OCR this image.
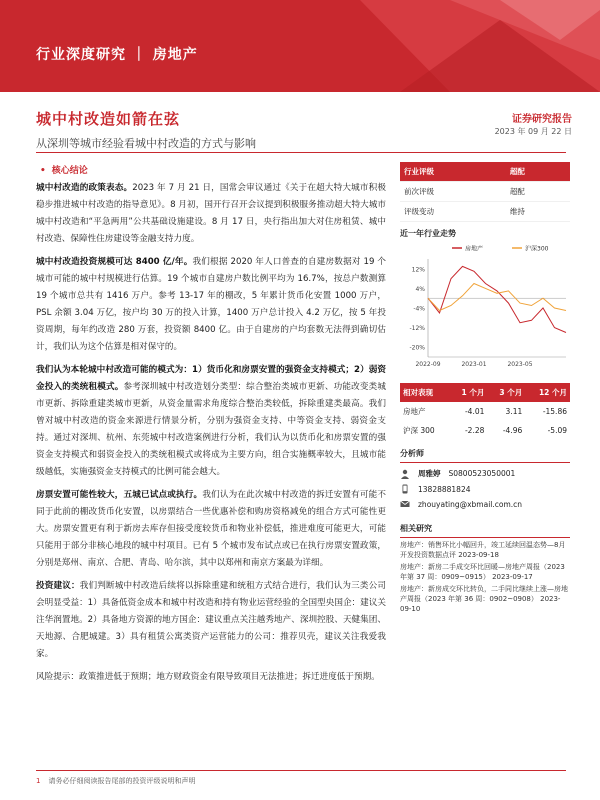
行业深度研究 ｜ 房地产
城中村改造如箭在弦
从深圳等城市经验看城中村改造的方式与影响
证券研究报告
2023 年 09 月 22 日
• 核心结论

城中村改造的政策表态。2023 年 7 月 21 日，国常会审议通过《关于在超大特大城市积极稳步推进城中村改造的指导意见》。8 月初，国开行召开会议提到积极服务推动超大特大城市城中村改造和“平急两用”公共基础设施建设。8 月 17 日，央行指出加大对住房租赁、城中村改造、保障性住房建设等金融支持力度。

城中村改造投资规模可达 8400 亿/年。我们根据 2020 年人口普查的自建房数据对 19 个城市可能的城中村规模进行估算。19 个城市自建房户数比例平均为 16.7%，按总户数测算 19 个城市总共有 1416 万户。参考 13-17 年的棚改，5 年累计货币化安置 1000 万户，PSL 余额 3.04 万亿，按户均 30 万的投入计算，1400 万户总计投入 4.2 万亿，按 5 年投资周期，每年约改造 280 万套，投资额 8400 亿。由于自建房的户均套数无法得到确切估计，我们认为这个估算是相对保守的。

我们认为本轮城中村改造可能的模式为：1）货币化和房票安置的强资金支持模式；2）弱资金投入的类统租模式。参考深圳城中村改造划分类型：综合整治类城市更新、功能改变类城市更新、拆除重建类城市更新，从资金量需求角度综合整治类较低，拆除重建类最高。我们曾对城中村改造的资金来源进行情景分析，分别为强资金支持、中等资金支持、弱资金支持。通过对深圳、杭州、东莞城中村改造案例进行分析，我们认为以货币化和房票安置的强资金支持模式和弱资金投入的类统租模式或将成为主要方向，组合实施概率较大，且城市能级越低，实施强资金支持模式的比例可能会越大。

房票安置可能性较大，五城已试点或执行。我们认为在此次城中村改造的拆迁安置有可能不同于此前的棚改货币化安置，以房票结合一些优惠补偿和购房资格减免的组合方式可能性更大。房票安置更有利于新房去库存但接受度较货币和物业补偿低，推进难度可能更大，可能只能用于部分非核心地段的城中村项目。已有 5 个城市发布试点或已在执行房票安置政策，分别是郑州、南京、合肥、青岛、哈尔滨，其中以郑州和南京方案最为详细。

投资建议：我们判断城中村改造后续将以拆除重建和统租方式结合进行，我们认为三类公司会明显受益：1）具备低资金成本和城中村改造和持有物业运营经验的全国型央国企：建议关注华润置地。2）具备地方资源的地方国企：建议重点关注越秀地产、深圳控股、天健集团、天地源、合肥城建。3）具有租赁公寓类资产运营能力的公司：推荐贝壳，建议关注我爱我家。

风险提示：政策推进低于预期；地方财政资金有限导致项目无法推进；拆迁进度低于预期。

行业评级	超配
前次评级	超配
评级变动	维持
近一年行业走势
12%
4%
-4%
-12%
-20%
2022-09	2023-01	2023-05
房地产	沪深300
相对表现	1 个月	3 个月	12 个月
房地产	-4.01	3.11	-15.86
沪深 300	-2.28	-4.96	-5.09
分析师
周雅婷 S0800523050001
13828881824
zhouyating@xbmail.com.cn
相关研究
房地产：销售环比小幅回升，竣工延续回温态势—8月开发投资数据点评 2023-09-18
房地产：新房二手成交环比回暖—房地产周报（2023 年第 37 周：0909~0915） 2023-09-17
房地产：新房成交环比转负，二手同比继续上涨—房地产周报（2023 年第 36 周：0902~0908） 2023-09-10
1 请务必仔细阅读报告尾部的投资评级说明和声明
